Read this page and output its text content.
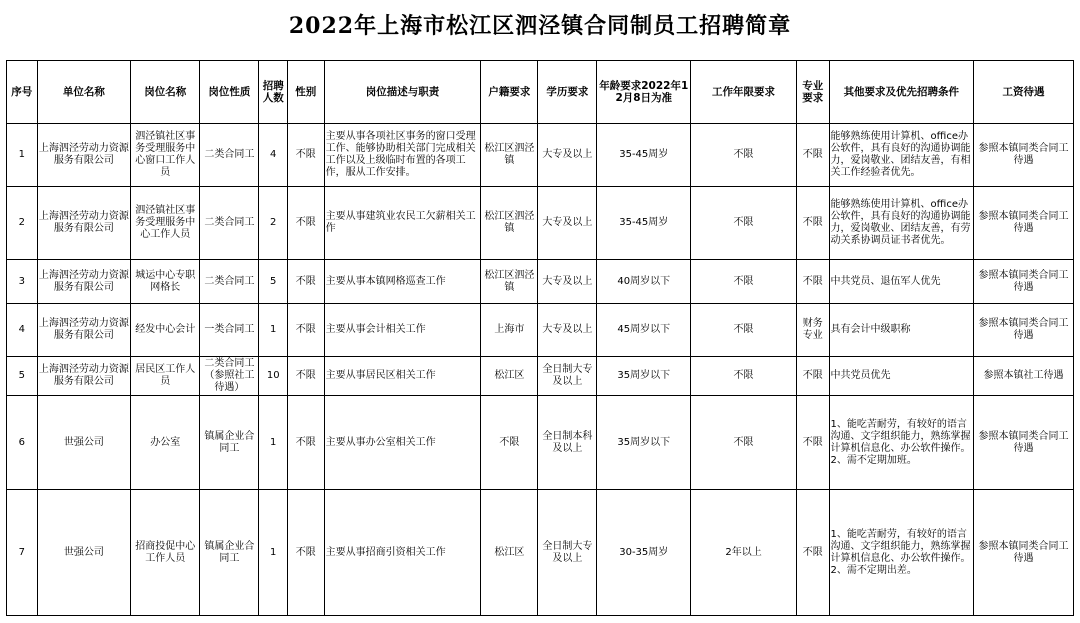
2022年上海市松江区泗泾镇合同制员工招聘简章
序号	单位名称	岗位名称	岗位性质	招聘人数	性别	岗位描述与职责	户籍要求	学历要求	年龄要求2022年12月8日为准	工作年限要求	专业要求	其他要求及优先招聘条件	工资待遇
1	上海泗泾劳动力资源服务有限公司	泗泾镇社区事务受理服务中心窗口工作人员	二类合同工	4	不限	主要从事各项社区事务的窗口受理工作、能够协助相关部门完成相关工作以及上级临时布置的各项工作，服从工作安排。	松江区泗泾镇	大专及以上	35-45周岁	不限	不限	能够熟练使用计算机、office办公软件，具有良好的沟通协调能力，爱岗敬业、团结友善，有相关工作经验者优先。	参照本镇同类合同工待遇
2	上海泗泾劳动力资源服务有限公司	泗泾镇社区事务受理服务中心工作人员	二类合同工	2	不限	主要从事建筑业农民工欠薪相关工作	松江区泗泾镇	大专及以上	35-45周岁	不限	不限	能够熟练使用计算机、office办公软件，具有良好的沟通协调能力，爱岗敬业、团结友善，有劳动关系协调员证书者优先。	参照本镇同类合同工待遇
3	上海泗泾劳动力资源服务有限公司	城运中心专职网格长	二类合同工	5	不限	主要从事本镇网格巡查工作	松江区泗泾镇	大专及以上	40周岁以下	不限	不限	中共党员、退伍军人优先	参照本镇同类合同工待遇
4	上海泗泾劳动力资源服务有限公司	经发中心会计	一类合同工	1	不限	主要从事会计相关工作	上海市	大专及以上	45周岁以下	不限	财务专业	具有会计中级职称	参照本镇同类合同工待遇
5	上海泗泾劳动力资源服务有限公司	居民区工作人员	二类合同工（参照社工待遇）	10	不限	主要从事居民区相关工作	松江区	全日制大专及以上	35周岁以下	不限	不限	中共党员优先	参照本镇社工待遇
6	世强公司	办公室	镇属企业合同工	1	不限	主要从事办公室相关工作	不限	全日制本科及以上	35周岁以下	不限	不限	1、能吃苦耐劳，有较好的语言沟通、文字组织能力，熟练掌握计算机信息化、办公软件操作。
2、需不定期加班。	参照本镇同类合同工待遇
7	世强公司	招商投促中心工作人员	镇属企业合同工	1	不限	主要从事招商引资相关工作	松江区	全日制大专及以上	30-35周岁	2年以上	不限	1、能吃苦耐劳，有较好的语言沟通、文字组织能力，熟练掌握计算机信息化、办公软件操作。
2、需不定期出差。	参照本镇同类合同工待遇
